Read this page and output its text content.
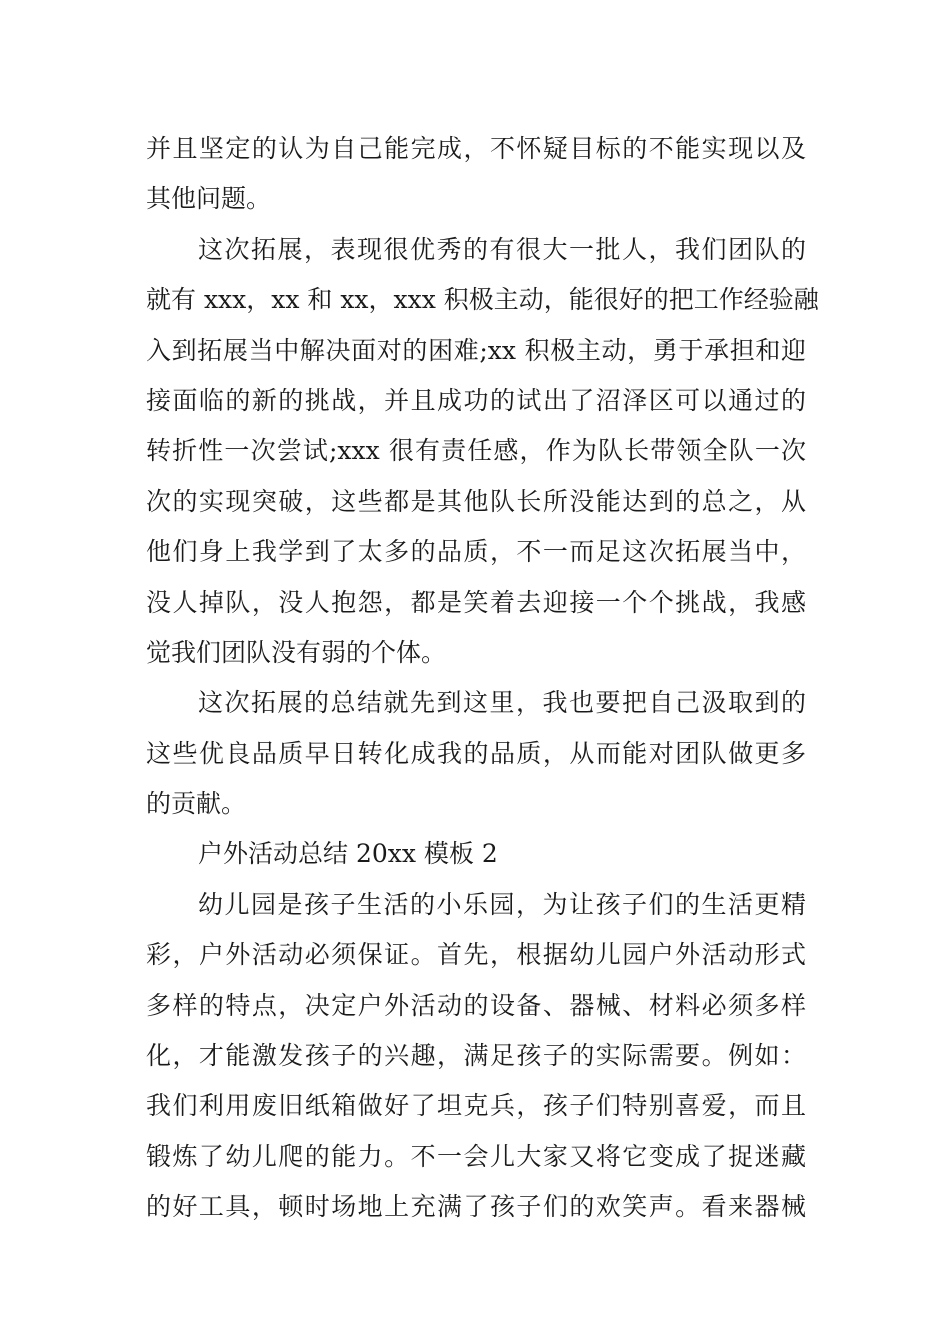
并且坚定的认为自己能完成，不怀疑目标的不能实现以及
其他问题。
这次拓展，表现很优秀的有很大一批人，我们团队的
就有 xxx，xx 和 xx，xxx 积极主动，能很好的把工作经验融
入到拓展当中解决面对的困难;xx 积极主动，勇于承担和迎
接面临的新的挑战，并且成功的试出了沼泽区可以通过的
转折性一次尝试;xxx 很有责任感，作为队长带领全队一次
次的实现突破，这些都是其他队长所没能达到的总之，从
他们身上我学到了太多的品质，不一而足这次拓展当中，
没人掉队，没人抱怨，都是笑着去迎接一个个挑战，我感
觉我们团队没有弱的个体。
这次拓展的总结就先到这里，我也要把自己汲取到的
这些优良品质早日转化成我的品质，从而能对团队做更多
的贡献。
户外活动总结 20xx 模板 2
幼儿园是孩子生活的小乐园，为让孩子们的生活更精
彩，户外活动必须保证。首先，根据幼儿园户外活动形式
多样的特点，决定户外活动的设备、器械、材料必须多样
化，才能激发孩子的兴趣，满足孩子的实际需要。例如：
我们利用废旧纸箱做好了坦克兵，孩子们特别喜爱，而且
锻炼了幼儿爬的能力。不一会儿大家又将它变成了捉迷藏
的好工具，顿时场地上充满了孩子们的欢笑声。看来器械
